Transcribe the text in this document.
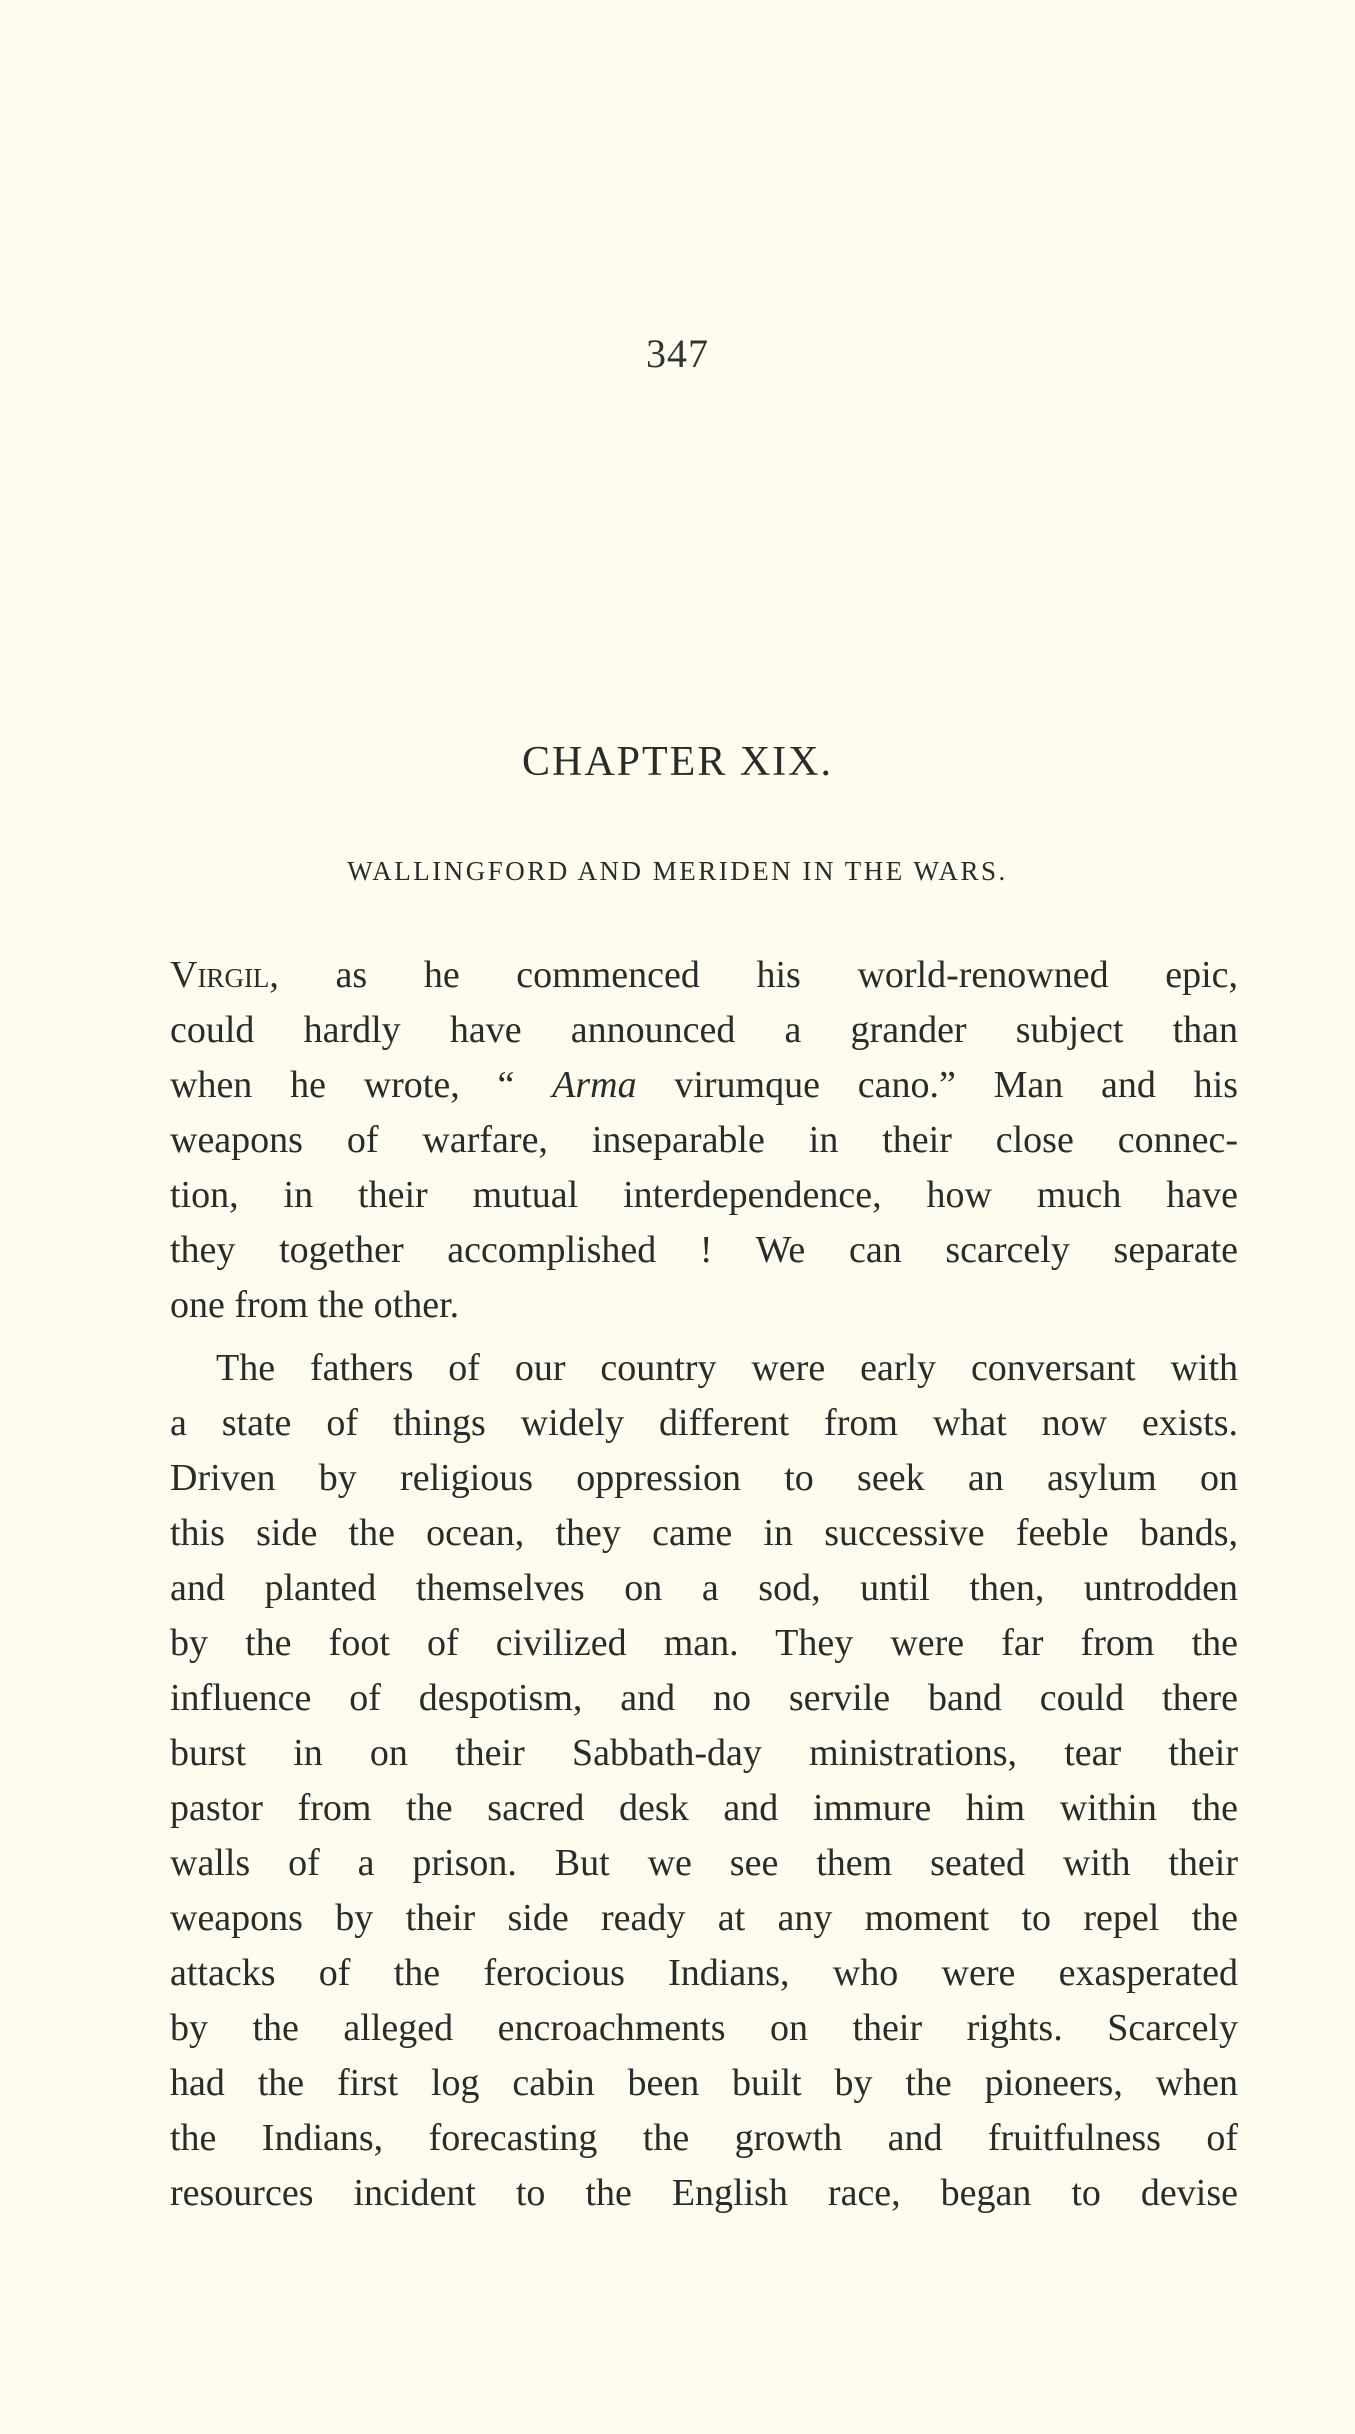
347
CHAPTER XIX.
WALLINGFORD AND MERIDEN IN THE WARS.
Virgil, as he commenced his world-renowned epic,
could hardly have announced a grander subject than
when he wrote, “ Arma virumque cano.” Man and his
weapons of warfare, inseparable in their close connec-
tion, in their mutual interdependence, how much have
they together accomplished ! We can scarcely separate
one from the other.
The fathers of our country were early conversant with
a state of things widely different from what now exists.
Driven by religious oppression to seek an asylum on
this side the ocean, they came in successive feeble bands,
and planted themselves on a sod, until then, untrodden
by the foot of civilized man. They were far from the
influence of despotism, and no servile band could there
burst in on their Sabbath-day ministrations, tear their
pastor from the sacred desk and immure him within the
walls of a prison. But we see them seated with their
weapons by their side ready at any moment to repel the
attacks of the ferocious Indians, who were exasperated
by the alleged encroachments on their rights. Scarcely
had the first log cabin been built by the pioneers, when
the Indians, forecasting the growth and fruitfulness of
resources incident to the English race, began to devise
